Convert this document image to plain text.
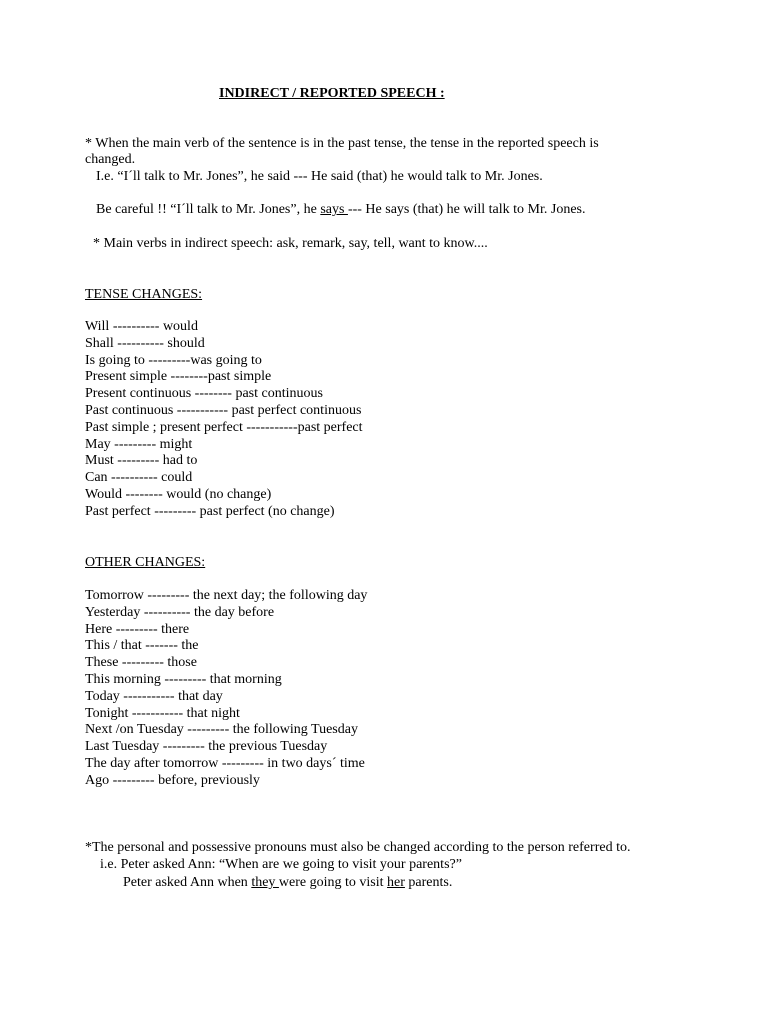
INDIRECT / REPORTED SPEECH :
* When the main verb of the sentence is in the past tense, the tense in the reported speech is
changed.
I.e. “I´ll talk to Mr. Jones”, he said --- He said (that) he would talk to Mr. Jones.
Be careful !! “I´ll talk to Mr. Jones”, he says --- He says (that) he will talk to Mr. Jones.
* Main verbs in indirect speech: ask, remark, say, tell, want to know....
TENSE CHANGES:
Will ---------- would
Shall ---------- should
Is going to ---------was going to
Present simple --------past simple
Present continuous -------- past continuous
Past continuous ----------- past perfect continuous
Past simple ; present perfect -----------past perfect
May --------- might
Must --------- had to
Can ---------- could
Would -------- would (no change)
Past perfect --------- past perfect (no change)
OTHER CHANGES:
Tomorrow --------- the next day; the following day
Yesterday ---------- the day before
Here --------- there
This / that ------- the
These --------- those
This morning --------- that morning
Today ----------- that day
Tonight ----------- that night
Next /on Tuesday --------- the following Tuesday
Last Tuesday --------- the previous Tuesday
The day after tomorrow --------- in two days´ time
Ago --------- before, previously
*The personal and possessive pronouns must also be changed according to the person referred to.
i.e. Peter asked Ann: “When are we going to visit your parents?”
Peter asked Ann when they were going to visit her parents.
